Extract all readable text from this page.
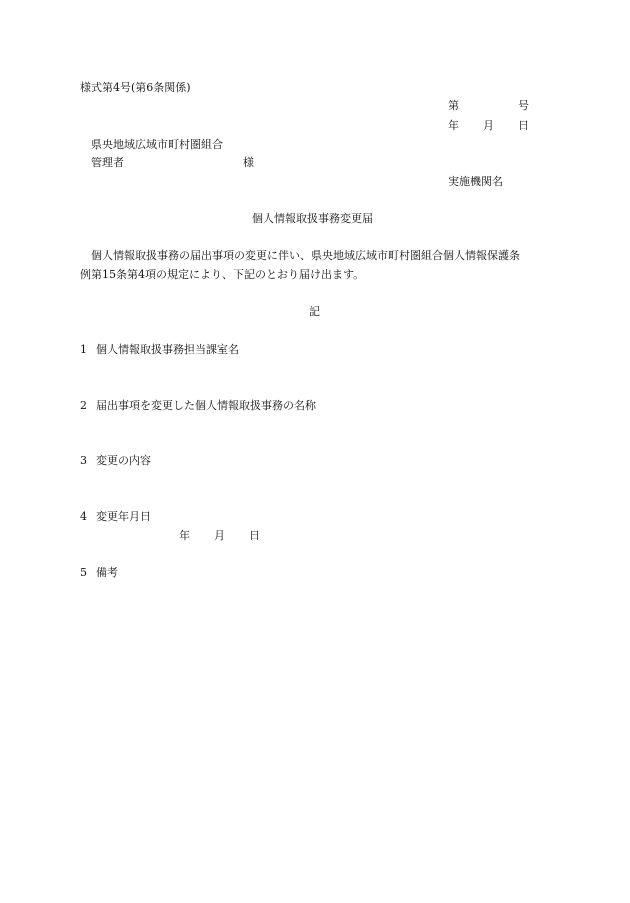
様式第4号(第6条関係)
第	号
年 月 日
県央地域広域市町村圏組合
管理者	様
実施機関名
個人情報取扱事務変更届
個人情報取扱事務の届出事項の変更に伴い、県央地域広域市町村圏組合個人情報保護条
例第15条第4項の規定により、下記のとおり届け出ます。
記
1 個人情報取扱事務担当課室名
2 届出事項を変更した個人情報取扱事務の名称
3 変更の内容
4 変更年月日
年 月 日
5 備考
